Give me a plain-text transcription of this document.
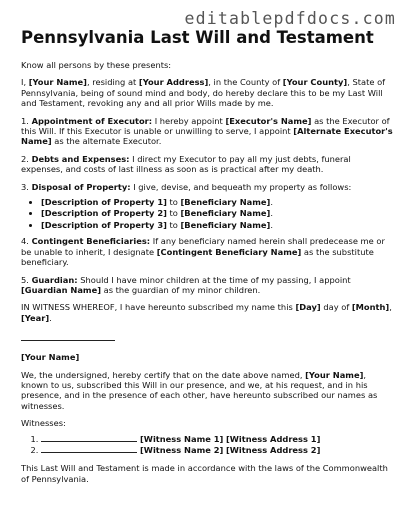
editablepdfdocs.com
Pennsylvania Last Will and Testament

Know all persons by these presents:

I, [Your Name], residing at [Your Address], in the County of [Your County], State of Pennsylvania, being of sound mind and body, do hereby declare this to be my Last Will and Testament, revoking any and all prior Wills made by me.

1. Appointment of Executor: I hereby appoint [Executor's Name] as the Executor of this Will. If this Executor is unable or unwilling to serve, I appoint [Alternate Executor's Name] as the alternate Executor.

2. Debts and Expenses: I direct my Executor to pay all my just debts, funeral expenses, and costs of last illness as soon as is practical after my death.

3. Disposal of Property: I give, devise, and bequeath my property as follows:

• [Description of Property 1] to [Beneficiary Name].
• [Description of Property 2] to [Beneficiary Name].
• [Description of Property 3] to [Beneficiary Name].

4. Contingent Beneficiaries: If any beneficiary named herein shall predecease me or be unable to inherit, I designate [Contingent Beneficiary Name] as the substitute beneficiary.

5. Guardian: Should I have minor children at the time of my passing, I appoint [Guardian Name] as the guardian of my minor children.

IN WITNESS WHEREOF, I have hereunto subscribed my name this [Day] day of [Month], [Year].

[Your Name]

We, the undersigned, hereby certify that on the date above named, [Your Name], known to us, subscribed this Will in our presence, and we, at his request, and in his presence, and in the presence of each other, have hereunto subscribed our names as witnesses.

Witnesses:

1. [Witness Name 1] [Witness Address 1]
2. [Witness Name 2] [Witness Address 2]

This Last Will and Testament is made in accordance with the laws of the Commonwealth of Pennsylvania.
